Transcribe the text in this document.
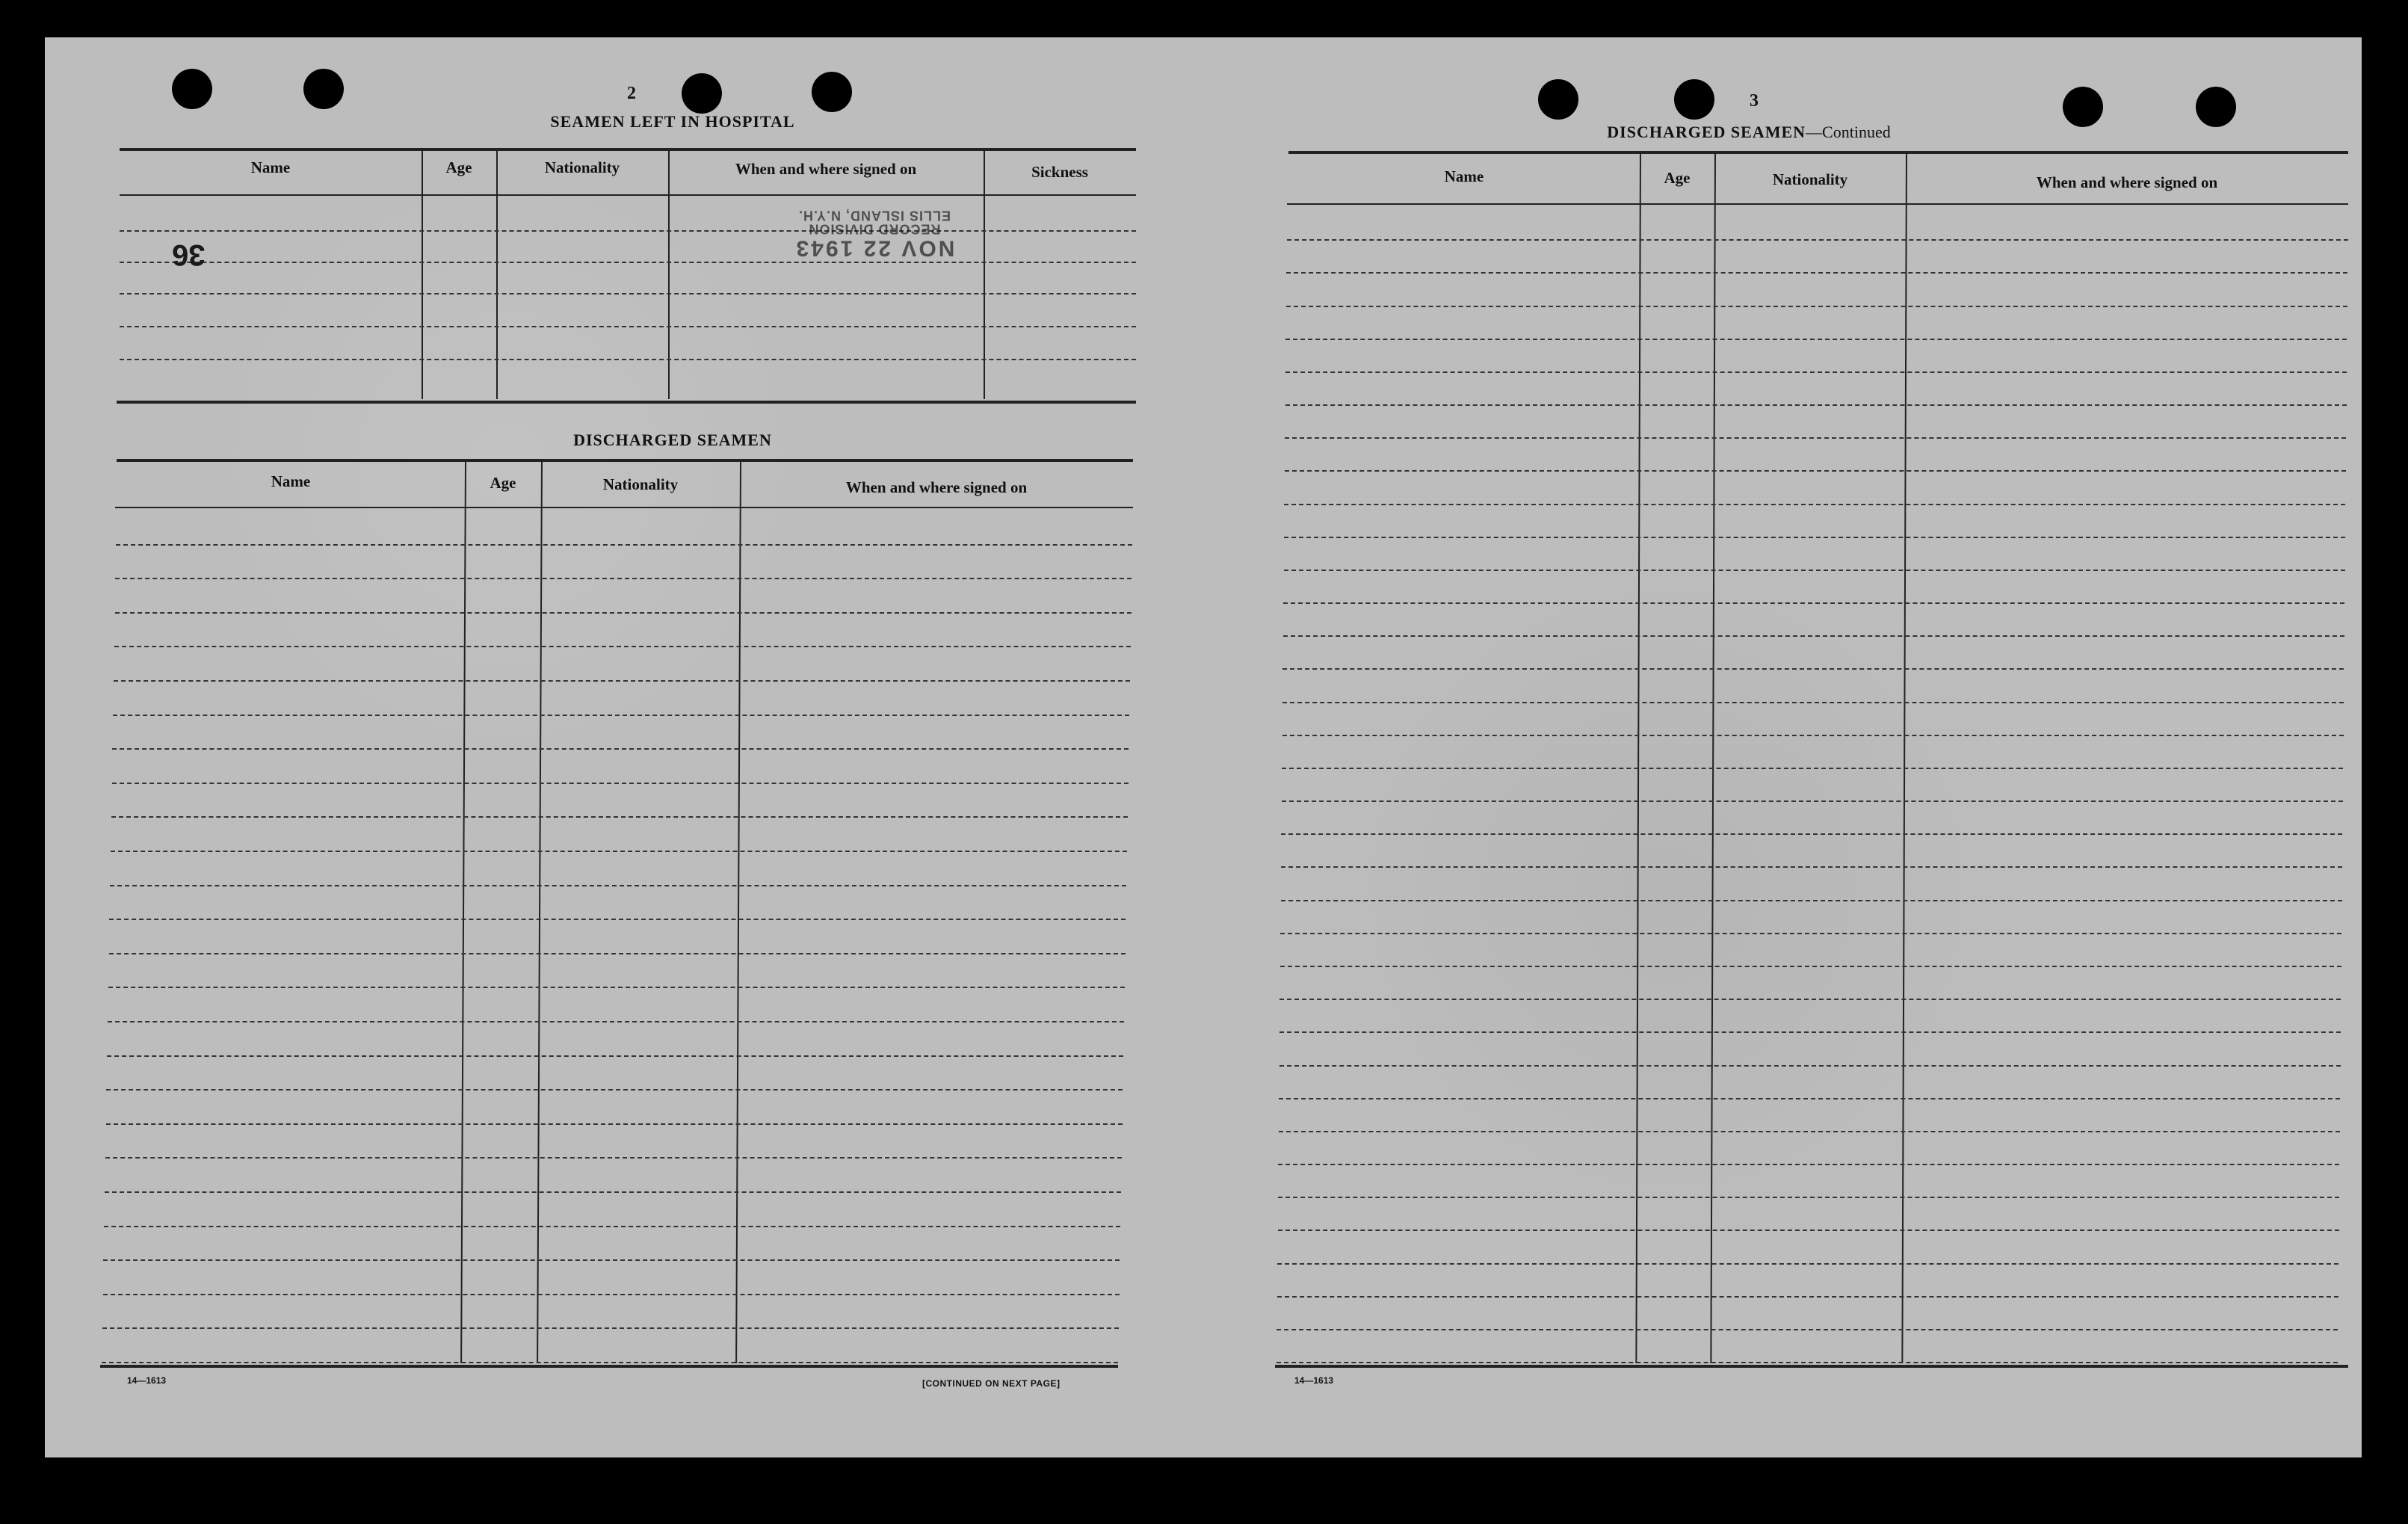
2
SEAMEN LEFT IN HOSPITAL
Name	Age	Nationality	When and where signed on	Sickness
36	NOV 22 1943
RECORD DIVISION
ELLIS ISLAND, N.Y.H.
DISCHARGED SEAMEN
Name	Age	Nationality	When and where signed on
14—1613	[CONTINUED ON NEXT PAGE]
3
DISCHARGED SEAMEN—Continued
Name	Age	Nationality	When and where signed on
14—1613
